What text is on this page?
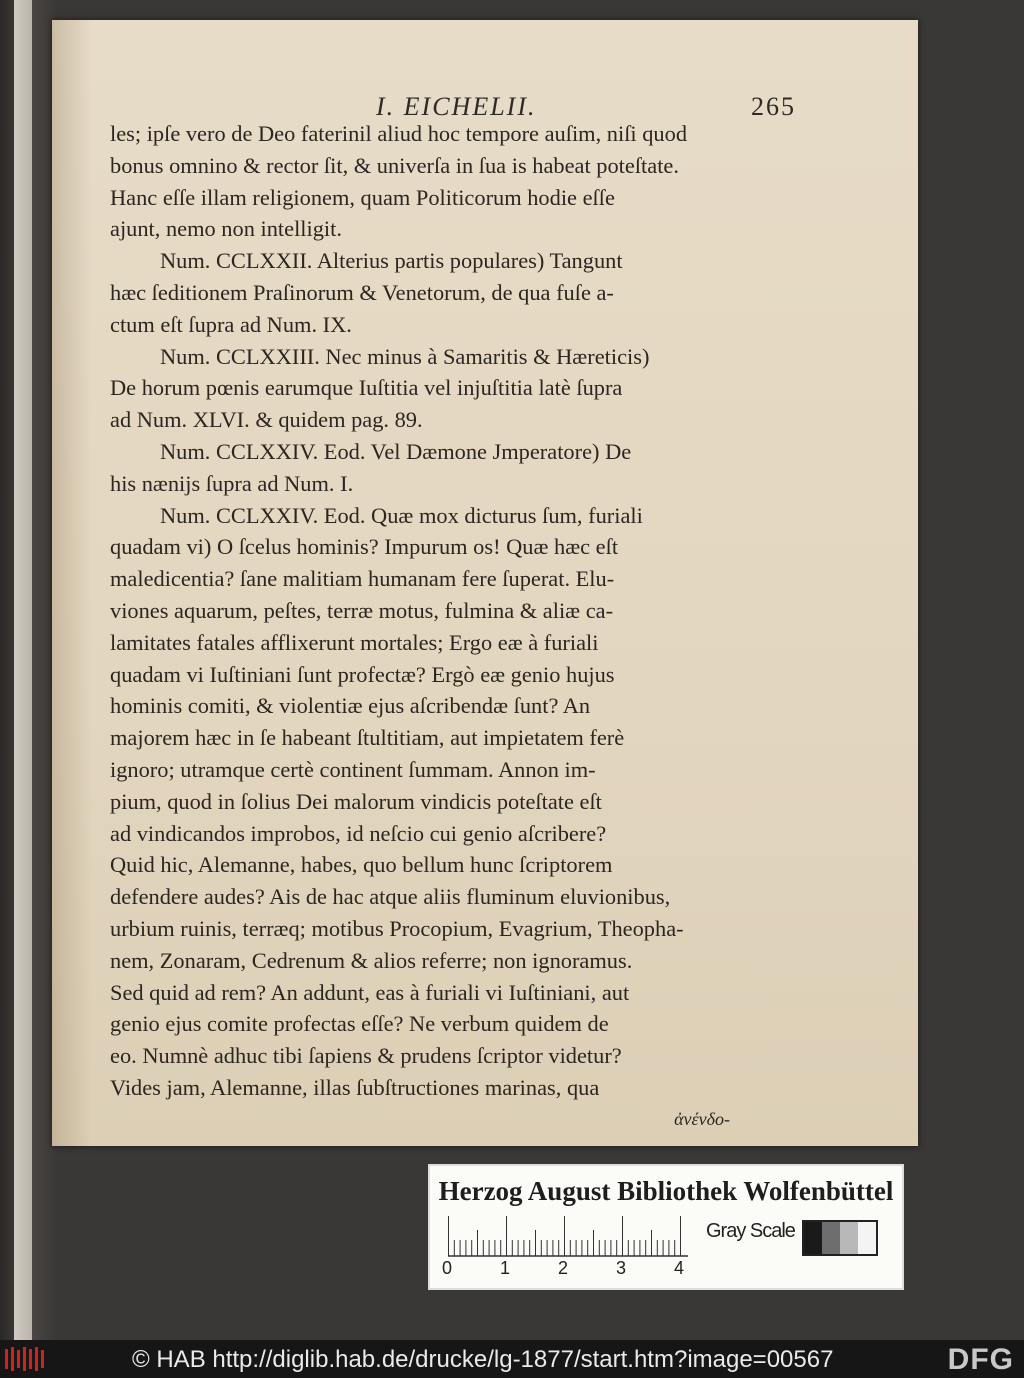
I. EICHELII.	265
les; ipſe vero de Deo faterinil aliud hoc tempore auſim, niſi quod
bonus omnino & rector ſit, & univerſa in ſua is habeat poteſtate.
Hanc eſſe illam religionem, quam Politicorum hodie eſſe
ajunt, nemo non intelligit.
Num. CCLXXII. Alterius partis populares) Tangunt
hæc ſeditionem Praſinorum & Venetorum, de qua fuſe a-
ctum eſt ſupra ad Num. IX.
Num. CCLXXIII. Nec minus à Samaritis & Hæreticis)
De horum pœnis earumque Iuſtitia vel injuſtitia latè ſupra
ad Num. XLVI. & quidem pag. 89.
Num. CCLXXIV. Eod. Vel Dæmone Jmperatore) De
his nænijs ſupra ad Num. I.
Num. CCLXXIV. Eod. Quæ mox dicturus ſum, furiali
quadam vi) O ſcelus hominis? Impurum os! Quæ hæc eſt
maledicentia? ſane malitiam humanam fere ſuperat. Elu-
viones aquarum, peſtes, terræ motus, fulmina & aliæ ca-
lamitates fatales afflixerunt mortales; Ergo eæ à furiali
quadam vi Iuſtiniani ſunt profectæ? Ergò eæ genio hujus
hominis comiti, & violentiæ ejus aſcribendæ ſunt? An
majorem hæc in ſe habeant ſtultitiam, aut impietatem ferè
ignoro; utramque certè continent ſummam. Annon im-
pium, quod in ſolius Dei malorum vindicis poteſtate eſt
ad vindicandos improbos, id neſcio cui genio aſcribere?
Quid hic, Alemanne, habes, quo bellum hunc ſcriptorem
defendere audes? Ais de hac atque aliis fluminum eluvionibus,
urbium ruinis, terræq; motibus Procopium, Evagrium, Theopha-
nem, Zonaram, Cedrenum & alios referre; non ignoramus.
Sed quid ad rem? An addunt, eas à furiali vi Iuſtiniani, aut
genio ejus comite profectas eſſe? Ne verbum quidem de
eo. Numnè adhuc tibi ſapiens & prudens ſcriptor videtur?
Vides jam, Alemanne, illas ſubſtructiones marinas, qua
ἀνένδο-
Herzog August Bibliothek Wolfenbüttel
0	1	2	3	4
Gray Scale
© HAB http://diglib.hab.de/drucke/lg-1877/start.htm?image=00567	DFG
